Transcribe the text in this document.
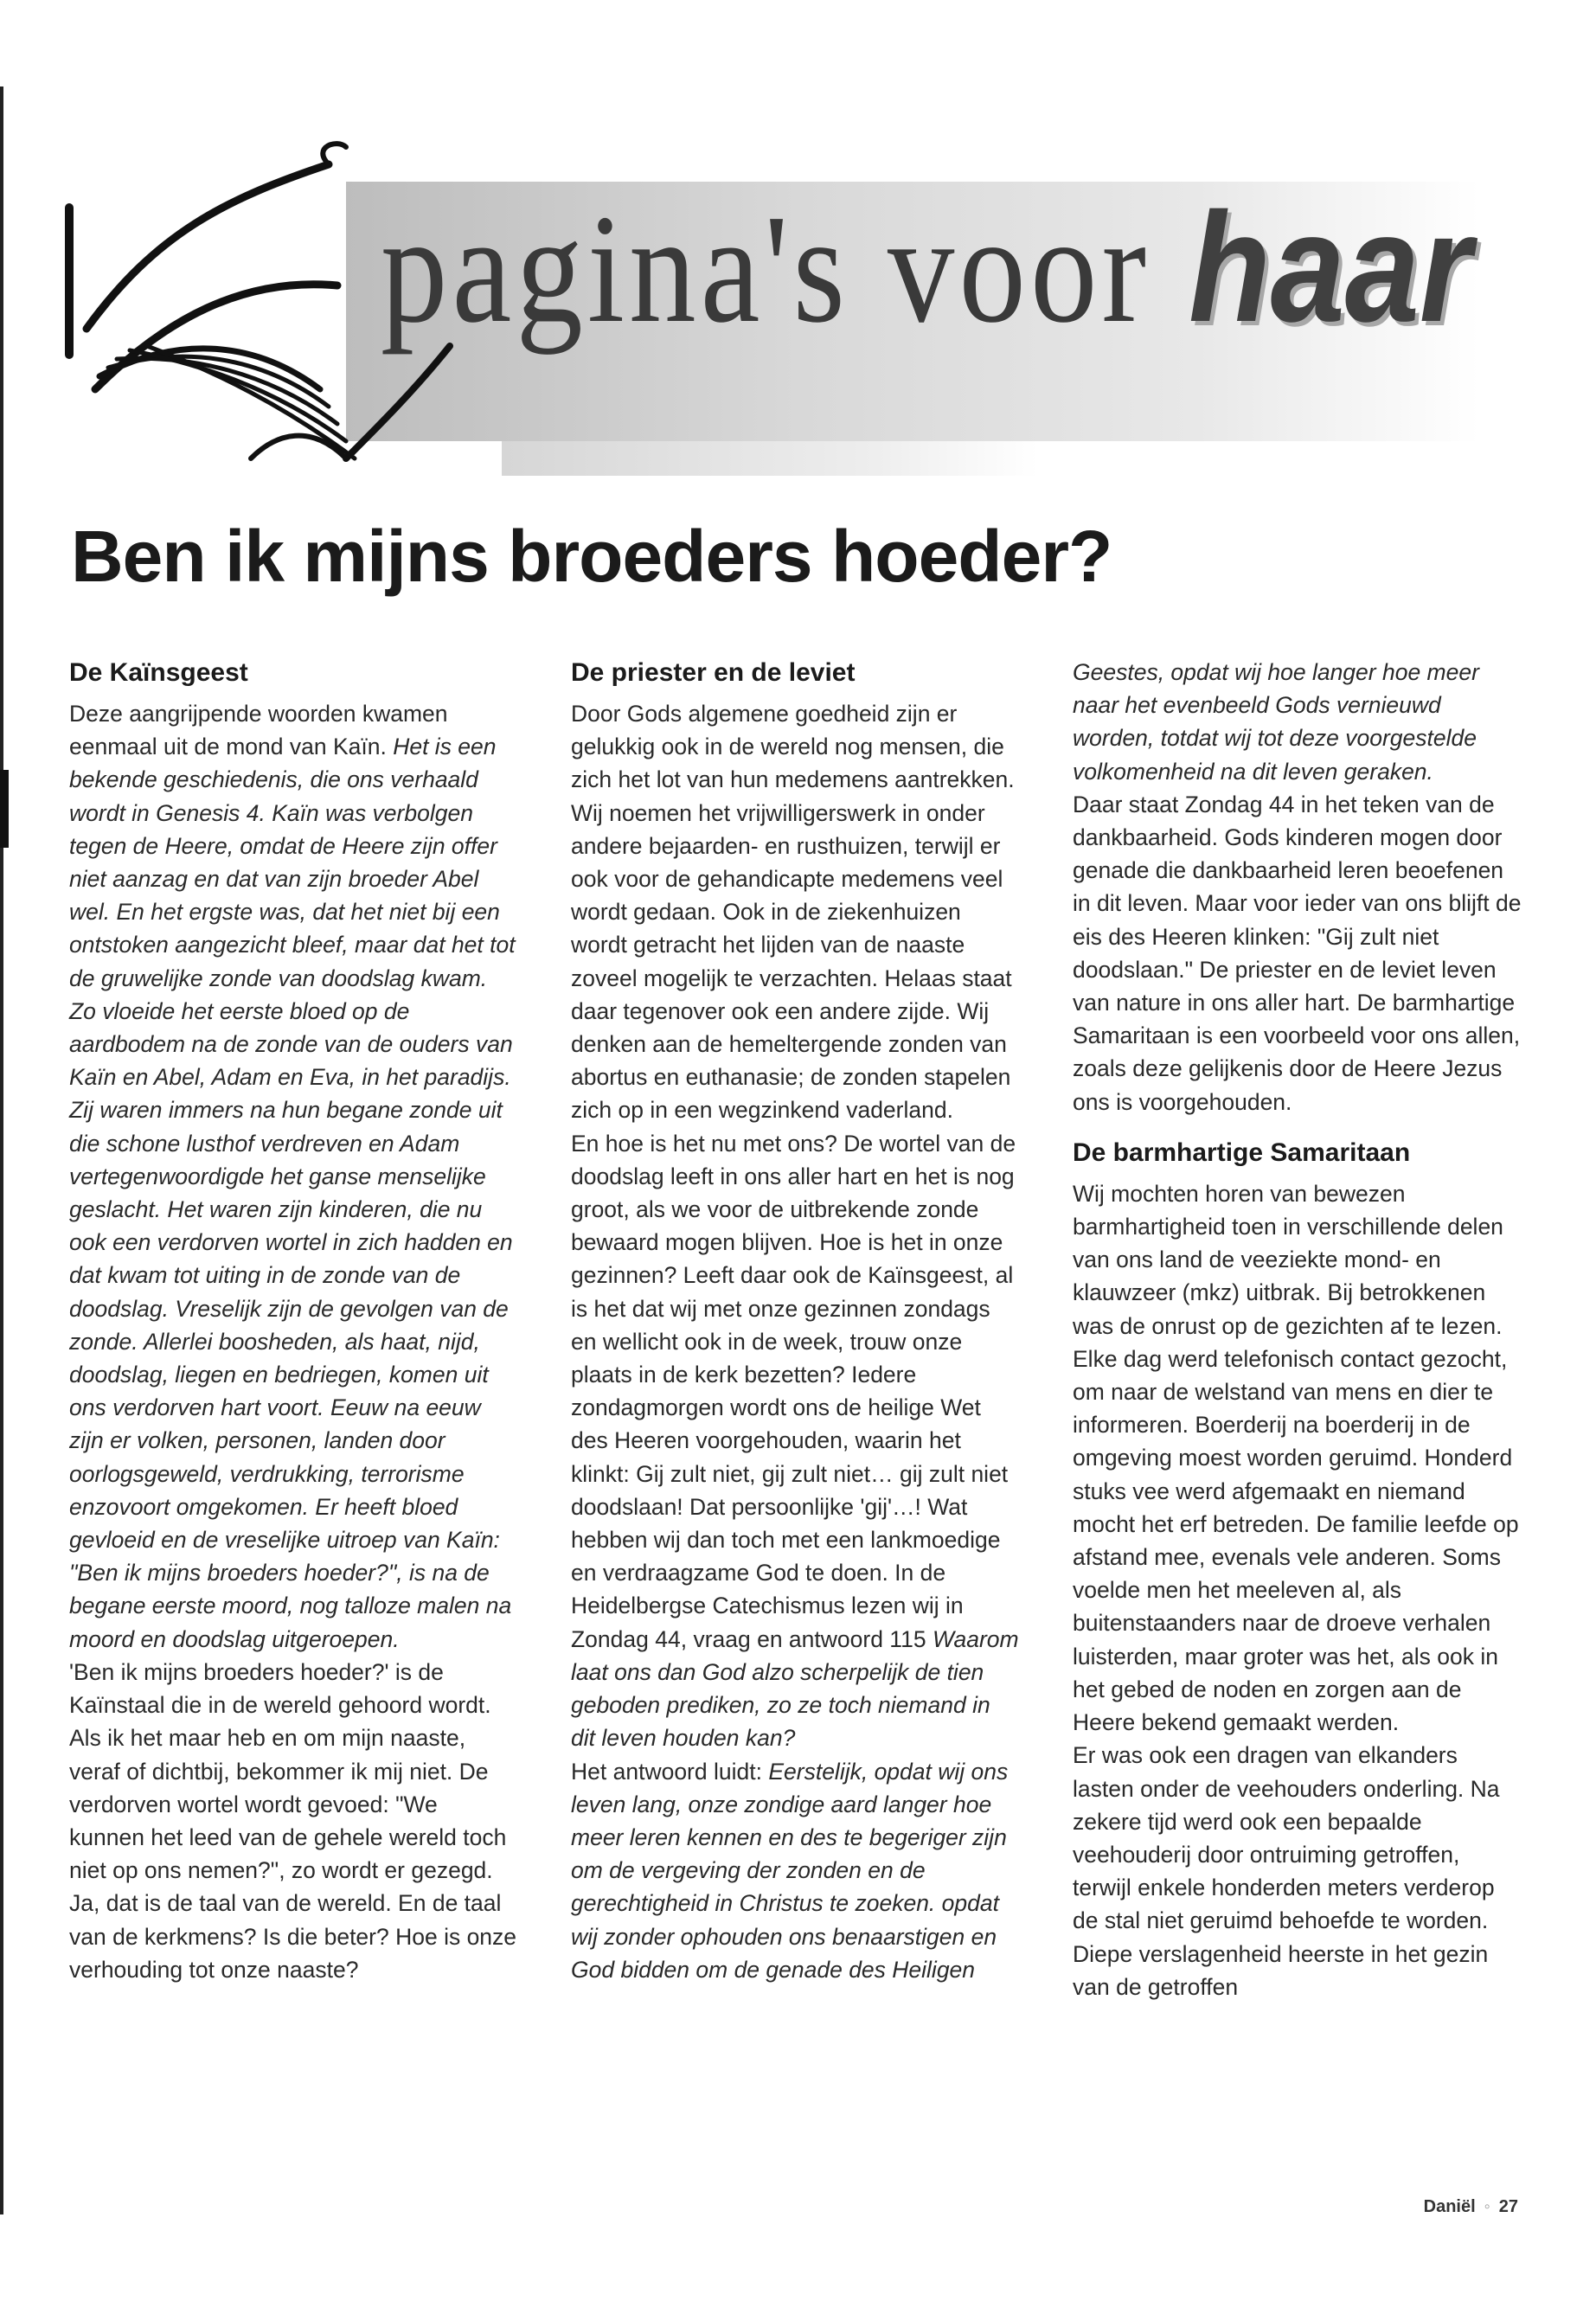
pagina's voor haar
Ben ik mijns broeders hoeder?
De Kaïnsgeest

Deze aangrijpende woorden kwamen eenmaal uit de mond van Kaïn. Het is een bekende geschiedenis, die ons verhaald wordt in Genesis 4. Kaïn was verbolgen tegen de Heere, omdat de Heere zijn offer niet aanzag en dat van zijn broeder Abel wel. En het ergste was, dat het niet bij een ontstoken aangezicht bleef, maar dat het tot de gruwelijke zonde van doodslag kwam. Zo vloeide het eerste bloed op de aardbodem na de zonde van de ouders van Kaïn en Abel, Adam en Eva, in het paradijs. Zij waren immers na hun begane zonde uit die schone lusthof verdreven en Adam vertegenwoordigde het ganse menselijke geslacht. Het waren zijn kinderen, die nu ook een verdorven wortel in zich hadden en dat kwam tot uiting in de zonde van de doodslag. Vreselijk zijn de gevolgen van de zonde. Allerlei boosheden, als haat, nijd, doodslag, liegen en bedriegen, komen uit ons verdorven hart voort. Eeuw na eeuw zijn er volken, personen, landen door oorlogsgeweld, verdrukking, terrorisme enzovoort omgekomen. Er heeft bloed gevloeid en de vreselijke uitroep van Kaïn: "Ben ik mijns broeders hoeder?", is na de begane eerste moord, nog talloze malen na moord en doodslag uitgeroepen.

'Ben ik mijns broeders hoeder?' is de Kaïnstaal die in de wereld gehoord wordt. Als ik het maar heb en om mijn naaste, veraf of dichtbij, bekommer ik mij niet. De verdorven wortel wordt gevoed: "We kunnen het leed van de gehele wereld toch niet op ons nemen?", zo wordt er gezegd. Ja, dat is de taal van de wereld. En de taal van de kerkmens? Is die beter? Hoe is onze verhouding tot onze naaste?

De priester en de leviet

Door Gods algemene goedheid zijn er gelukkig ook in de wereld nog mensen, die zich het lot van hun medemens aantrekken. Wij noemen het vrijwilligerswerk in onder andere bejaarden- en rusthuizen, terwijl er ook voor de gehandicapte medemens veel wordt gedaan. Ook in de ziekenhuizen wordt getracht het lijden van de naaste zoveel mogelijk te verzachten. Helaas staat daar tegenover ook een andere zijde. Wij denken aan de hemeltergende zonden van abortus en euthanasie; de zonden stapelen zich op in een wegzinkend vaderland.

En hoe is het nu met ons? De wortel van de doodslag leeft in ons aller hart en het is nog groot, als we voor de uitbrekende zonde bewaard mogen blijven. Hoe is het in onze gezinnen? Leeft daar ook de Kaïnsgeest, al is het dat wij met onze gezinnen zondags en wellicht ook in de week, trouw onze plaats in de kerk bezetten? Iedere zondagmorgen wordt ons de heilige Wet des Heeren voorgehouden, waarin het klinkt: Gij zult niet, gij zult niet… gij zult niet doodslaan! Dat persoonlijke 'gij'…! Wat hebben wij dan toch met een lankmoedige en verdraagzame God te doen. In de Heidelbergse Catechismus lezen wij in Zondag 44, vraag en antwoord 115 Waarom laat ons dan God alzo scherpelijk de tien geboden prediken, zo ze toch niemand in dit leven houden kan?

Het antwoord luidt: Eerstelijk, opdat wij ons leven lang, onze zondige aard langer hoe meer leren kennen en des te begeriger zijn om de vergeving der zonden en de gerechtigheid in Christus te zoeken. opdat wij zonder ophouden ons benaarstigen en God bidden om de genade des Heiligen

Geestes, opdat wij hoe langer hoe meer naar het evenbeeld Gods vernieuwd worden, totdat wij tot deze voorgestelde volkomenheid na dit leven geraken.

Daar staat Zondag 44 in het teken van de dankbaarheid. Gods kinderen mogen door genade die dankbaarheid leren beoefenen in dit leven. Maar voor ieder van ons blijft de eis des Heeren klinken: "Gij zult niet doodslaan." De priester en de leviet leven van nature in ons aller hart. De barmhartige Samaritaan is een voorbeeld voor ons allen, zoals deze gelijkenis door de Heere Jezus ons is voorgehouden.

De barmhartige Samaritaan

Wij mochten horen van bewezen barmhartigheid toen in verschillende delen van ons land de veeziekte mond- en klauwzeer (mkz) uitbrak. Bij betrokkenen was de onrust op de gezichten af te lezen. Elke dag werd telefonisch contact gezocht, om naar de welstand van mens en dier te informeren. Boerderij na boerderij in de omgeving moest worden geruimd. Honderd stuks vee werd afgemaakt en niemand mocht het erf betreden. De familie leefde op afstand mee, evenals vele anderen. Soms voelde men het meeleven al, als buitenstaanders naar de droeve verhalen luisterden, maar groter was het, als ook in het gebed de noden en zorgen aan de Heere bekend gemaakt werden.

Er was ook een dragen van elkanders lasten onder de veehouders onderling. Na zekere tijd werd ook een bepaalde veehouderij door ontruiming getroffen, terwijl enkele honderden meters verderop de stal niet geruimd behoefde te worden. Diepe verslagenheid heerste in het gezin van de getroffen

Daniël ◦ 27
